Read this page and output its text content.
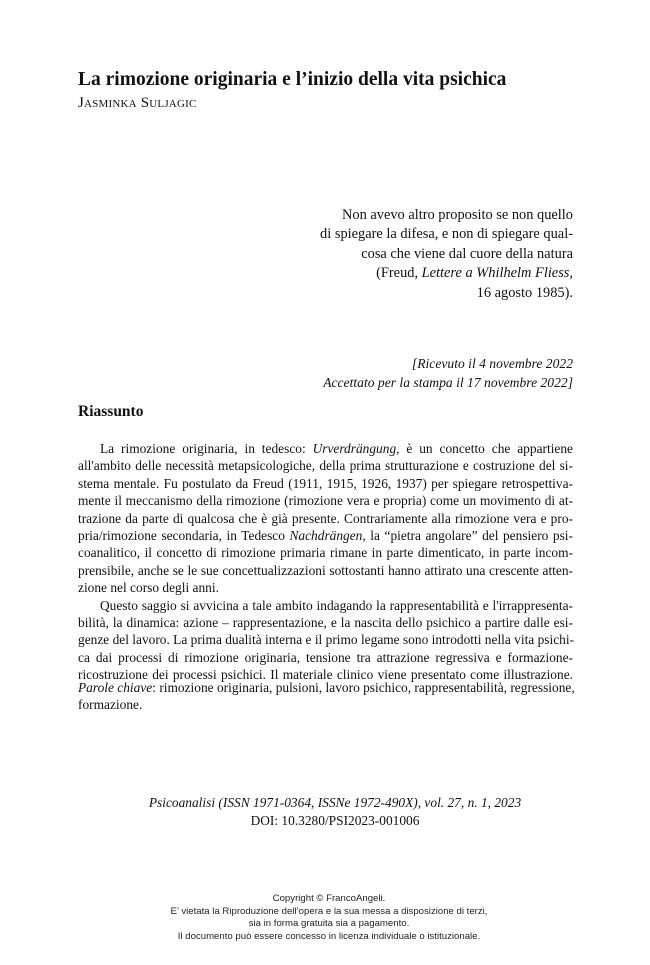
La rimozione originaria e l’inizio della vita psichica
Jasminka Suljagic
Non avevo altro proposito se non quello
di spiegare la difesa, e non di spiegare qual-
cosa che viene dal cuore della natura
(Freud, Lettere a Whilhelm Fliess,
16 agosto 1985).
[Ricevuto il 4 novembre 2022
Accettato per la stampa il 17 novembre 2022]
Riassunto
La rimozione originaria, in tedesco: Urverdrängung, è un concetto che appartiene
all'ambito delle necessità metapsicologiche, della prima strutturazione e costruzione del si-
stema mentale. Fu postulato da Freud (1911, 1915, 1926, 1937) per spiegare retrospettiva-
mente il meccanismo della rimozione (rimozione vera e propria) come un movimento di at-
trazione da parte di qualcosa che è già presente. Contrariamente alla rimozione vera e pro-
pria/rimozione secondaria, in Tedesco Nachdrängen, la “pietra angolare” del pensiero psi-
coanalitico, il concetto di rimozione primaria rimane in parte dimenticato, in parte incom-
prensibile, anche se le sue concettualizzazioni sottostanti hanno attirato una crescente atten-
zione nel corso degli anni.
Questo saggio si avvicina a tale ambito indagando la rappresentabilità e l'irrappresenta-
bilità, la dinamica: azione – rappresentazione, e la nascita dello psichico a partire dalle esi-
genze del lavoro. La prima dualità interna e il primo legame sono introdotti nella vita psichi-
ca dai processi di rimozione originaria, tensione tra attrazione regressiva e formazione-
ricostruzione dei processi psichici. Il materiale clinico viene presentato come illustrazione.
Parole chiave: rimozione originaria, pulsioni, lavoro psichico, rappresentabilità, regressione,
formazione.
Psicoanalisi (ISSN 1971-0364, ISSNe 1972-490X), vol. 27, n. 1, 2023
DOI: 10.3280/PSI2023-001006
Copyright © FrancoAngeli.
E’ vietata la Riproduzione dell’opera e la sua messa a disposizione di terzi,
sia in forma gratuita sia a pagamento.
Il documento può essere concesso in licenza individuale o istituzionale.
